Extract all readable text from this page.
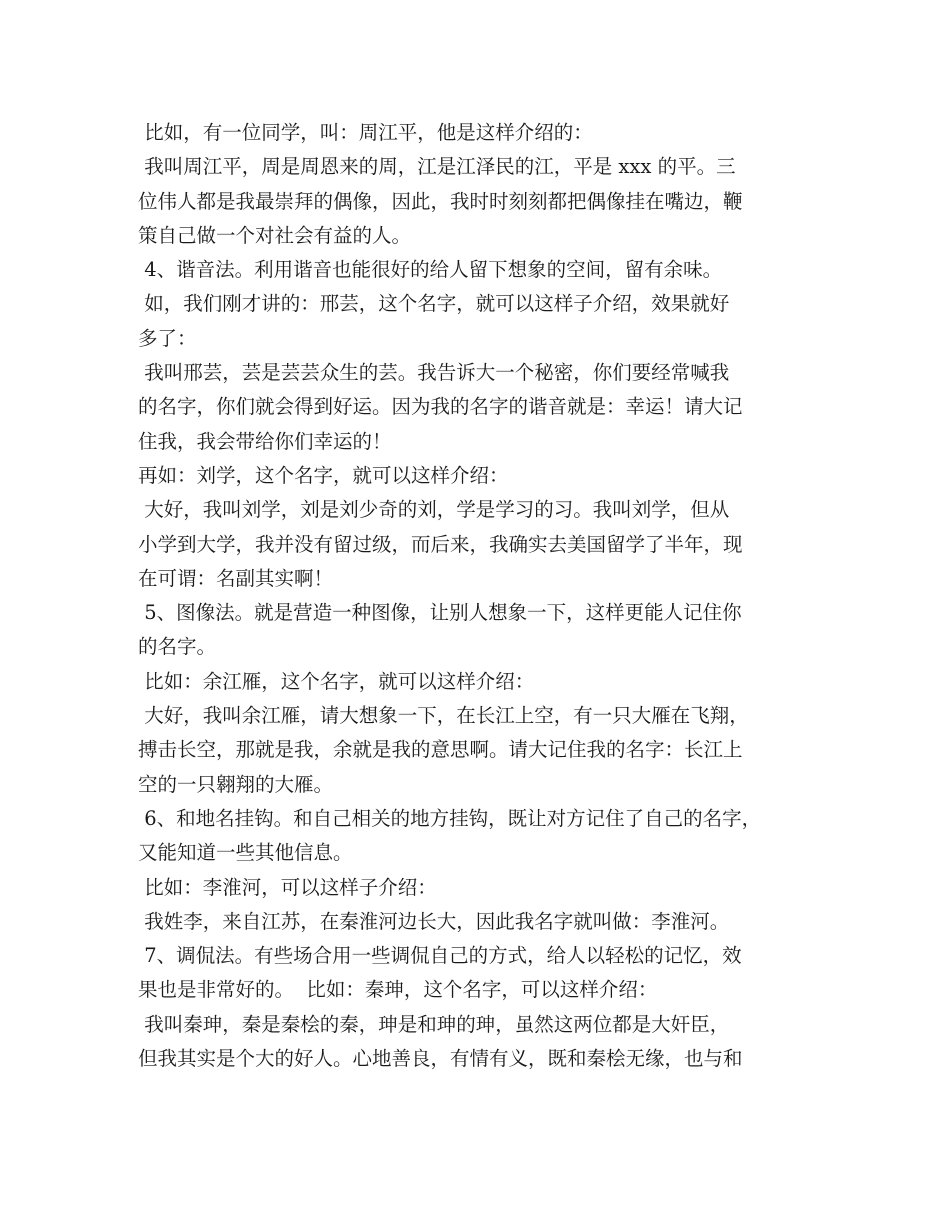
比如，有一位同学，叫：周江平，他是这样介绍的：
我叫周江平，周是周恩来的周，江是江泽民的江，平是 xxx 的平。三
位伟人都是我最崇拜的偶像，因此，我时时刻刻都把偶像挂在嘴边，鞭
策自己做一个对社会有益的人。
4、谐音法。利用谐音也能很好的给人留下想象的空间，留有余味。
如，我们刚才讲的：邢芸，这个名字，就可以这样子介绍，效果就好
多了：
我叫邢芸，芸是芸芸众生的芸。我告诉大一个秘密，你们要经常喊我
的名字，你们就会得到好运。因为我的名字的谐音就是：幸运！请大记
住我，我会带给你们幸运的！
再如：刘学，这个名字，就可以这样介绍：
大好，我叫刘学，刘是刘少奇的刘，学是学习的习。我叫刘学，但从
小学到大学，我并没有留过级，而后来，我确实去美国留学了半年，现
在可谓：名副其实啊！
5、图像法。就是营造一种图像，让别人想象一下，这样更能人记住你
的名字。
比如：余江雁，这个名字，就可以这样介绍：
大好，我叫余江雁，请大想象一下，在长江上空，有一只大雁在飞翔，
搏击长空，那就是我，余就是我的意思啊。请大记住我的名字：长江上
空的一只翱翔的大雁。
6、和地名挂钩。和自己相关的地方挂钩，既让对方记住了自己的名字，
又能知道一些其他信息。
比如：李淮河，可以这样子介绍：
我姓李，来自江苏，在秦淮河边长大，因此我名字就叫做：李淮河。
7、调侃法。有些场合用一些调侃自己的方式，给人以轻松的记忆，效
果也是非常好的。  比如：秦珅，这个名字，可以这样介绍：
我叫秦珅，秦是秦桧的秦，珅是和珅的珅，虽然这两位都是大奸臣，
但我其实是个大的好人。心地善良，有情有义，既和秦桧无缘，也与和
